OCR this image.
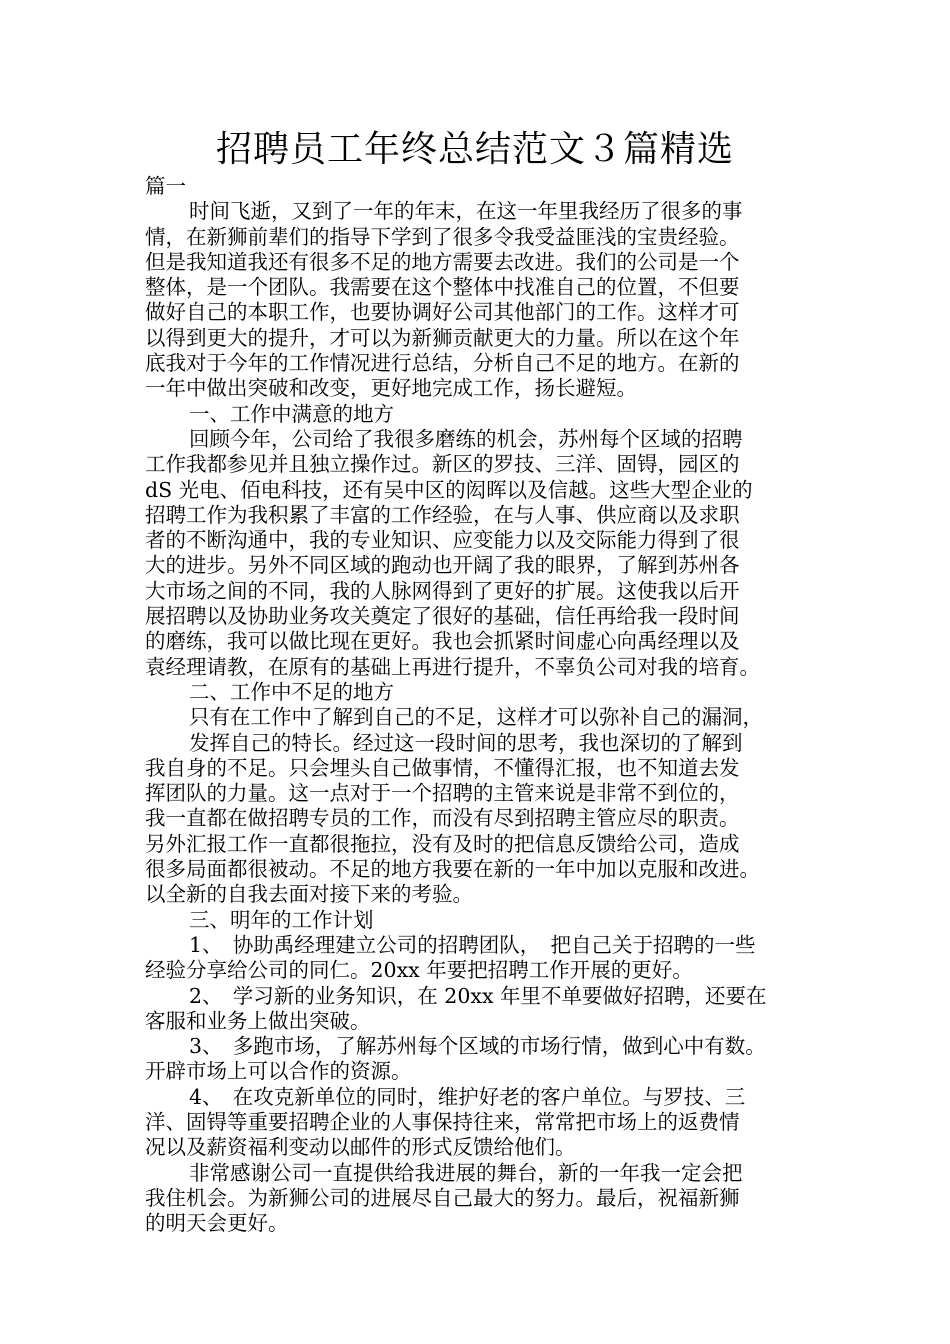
招聘员工年终总结范文３篇精选

篇一

时间飞逝，又到了一年的年末，在这一年里我经历了很多的事

情，在新狮前辈们的指导下学到了很多令我受益匪浅的宝贵经验。

但是我知道我还有很多不足的地方需要去改进。我们的公司是一个

整体，是一个团队。我需要在这个整体中找准自己的位置，不但要

做好自己的本职工作，也要协调好公司其他部门的工作。这样才可

以得到更大的提升，才可以为新狮贡献更大的力量。所以在这个年

底我对于今年的工作情况进行总结，分析自己不足的地方。在新的

一年中做出突破和改变，更好地完成工作，扬长避短。

一、工作中满意的地方

回顾今年，公司给了我很多磨练的机会，苏州每个区域的招聘

工作我都参见并且独立操作过。新区的罗技、三洋、固锝，园区的

dS 光电、佰电科技，还有吴中区的闳晖以及信越。这些大型企业的

招聘工作为我积累了丰富的工作经验，在与人事、供应商以及求职

者的不断沟通中，我的专业知识、应变能力以及交际能力得到了很

大的进步。另外不同区域的跑动也开阔了我的眼界，了解到苏州各

大市场之间的不同，我的人脉网得到了更好的扩展。这使我以后开

展招聘以及协助业务攻关奠定了很好的基础，信任再给我一段时间

的磨练，我可以做比现在更好。我也会抓紧时间虚心向禹经理以及

袁经理请教，在原有的基础上再进行提升，不辜负公司对我的培育。

二、工作中不足的地方

只有在工作中了解到自己的不足，这样才可以弥补自己的漏洞，

发挥自己的特长。经过这一段时间的思考，我也深切的了解到

我自身的不足。只会埋头自己做事情，不懂得汇报，也不知道去发

挥团队的力量。这一点对于一个招聘的主管来说是非常不到位的，

我一直都在做招聘专员的工作，而没有尽到招聘主管应尽的职责。

另外汇报工作一直都很拖拉，没有及时的把信息反馈给公司，造成

很多局面都很被动。不足的地方我要在新的一年中加以克服和改进。

以全新的自我去面对接下来的考验。

三、明年的工作计划

1、　协助禹经理建立公司的招聘团队，　把自己关于招聘的一些

经验分享给公司的同仁。20xx 年要把招聘工作开展的更好。

2、　学习新的业务知识，在 20xx 年里不单要做好招聘，还要在

客服和业务上做出突破。

3、　多跑市场，了解苏州每个区域的市场行情，做到心中有数。

开辟市场上可以合作的资源。

4、　在攻克新单位的同时，维护好老的客户单位。与罗技、三

洋、固锝等重要招聘企业的人事保持往来，常常把市场上的返费情

况以及薪资福利变动以邮件的形式反馈给他们。

非常感谢公司一直提供给我进展的舞台，新的一年我一定会把

我住机会。为新狮公司的进展尽自己最大的努力。最后，祝福新狮

的明天会更好。
